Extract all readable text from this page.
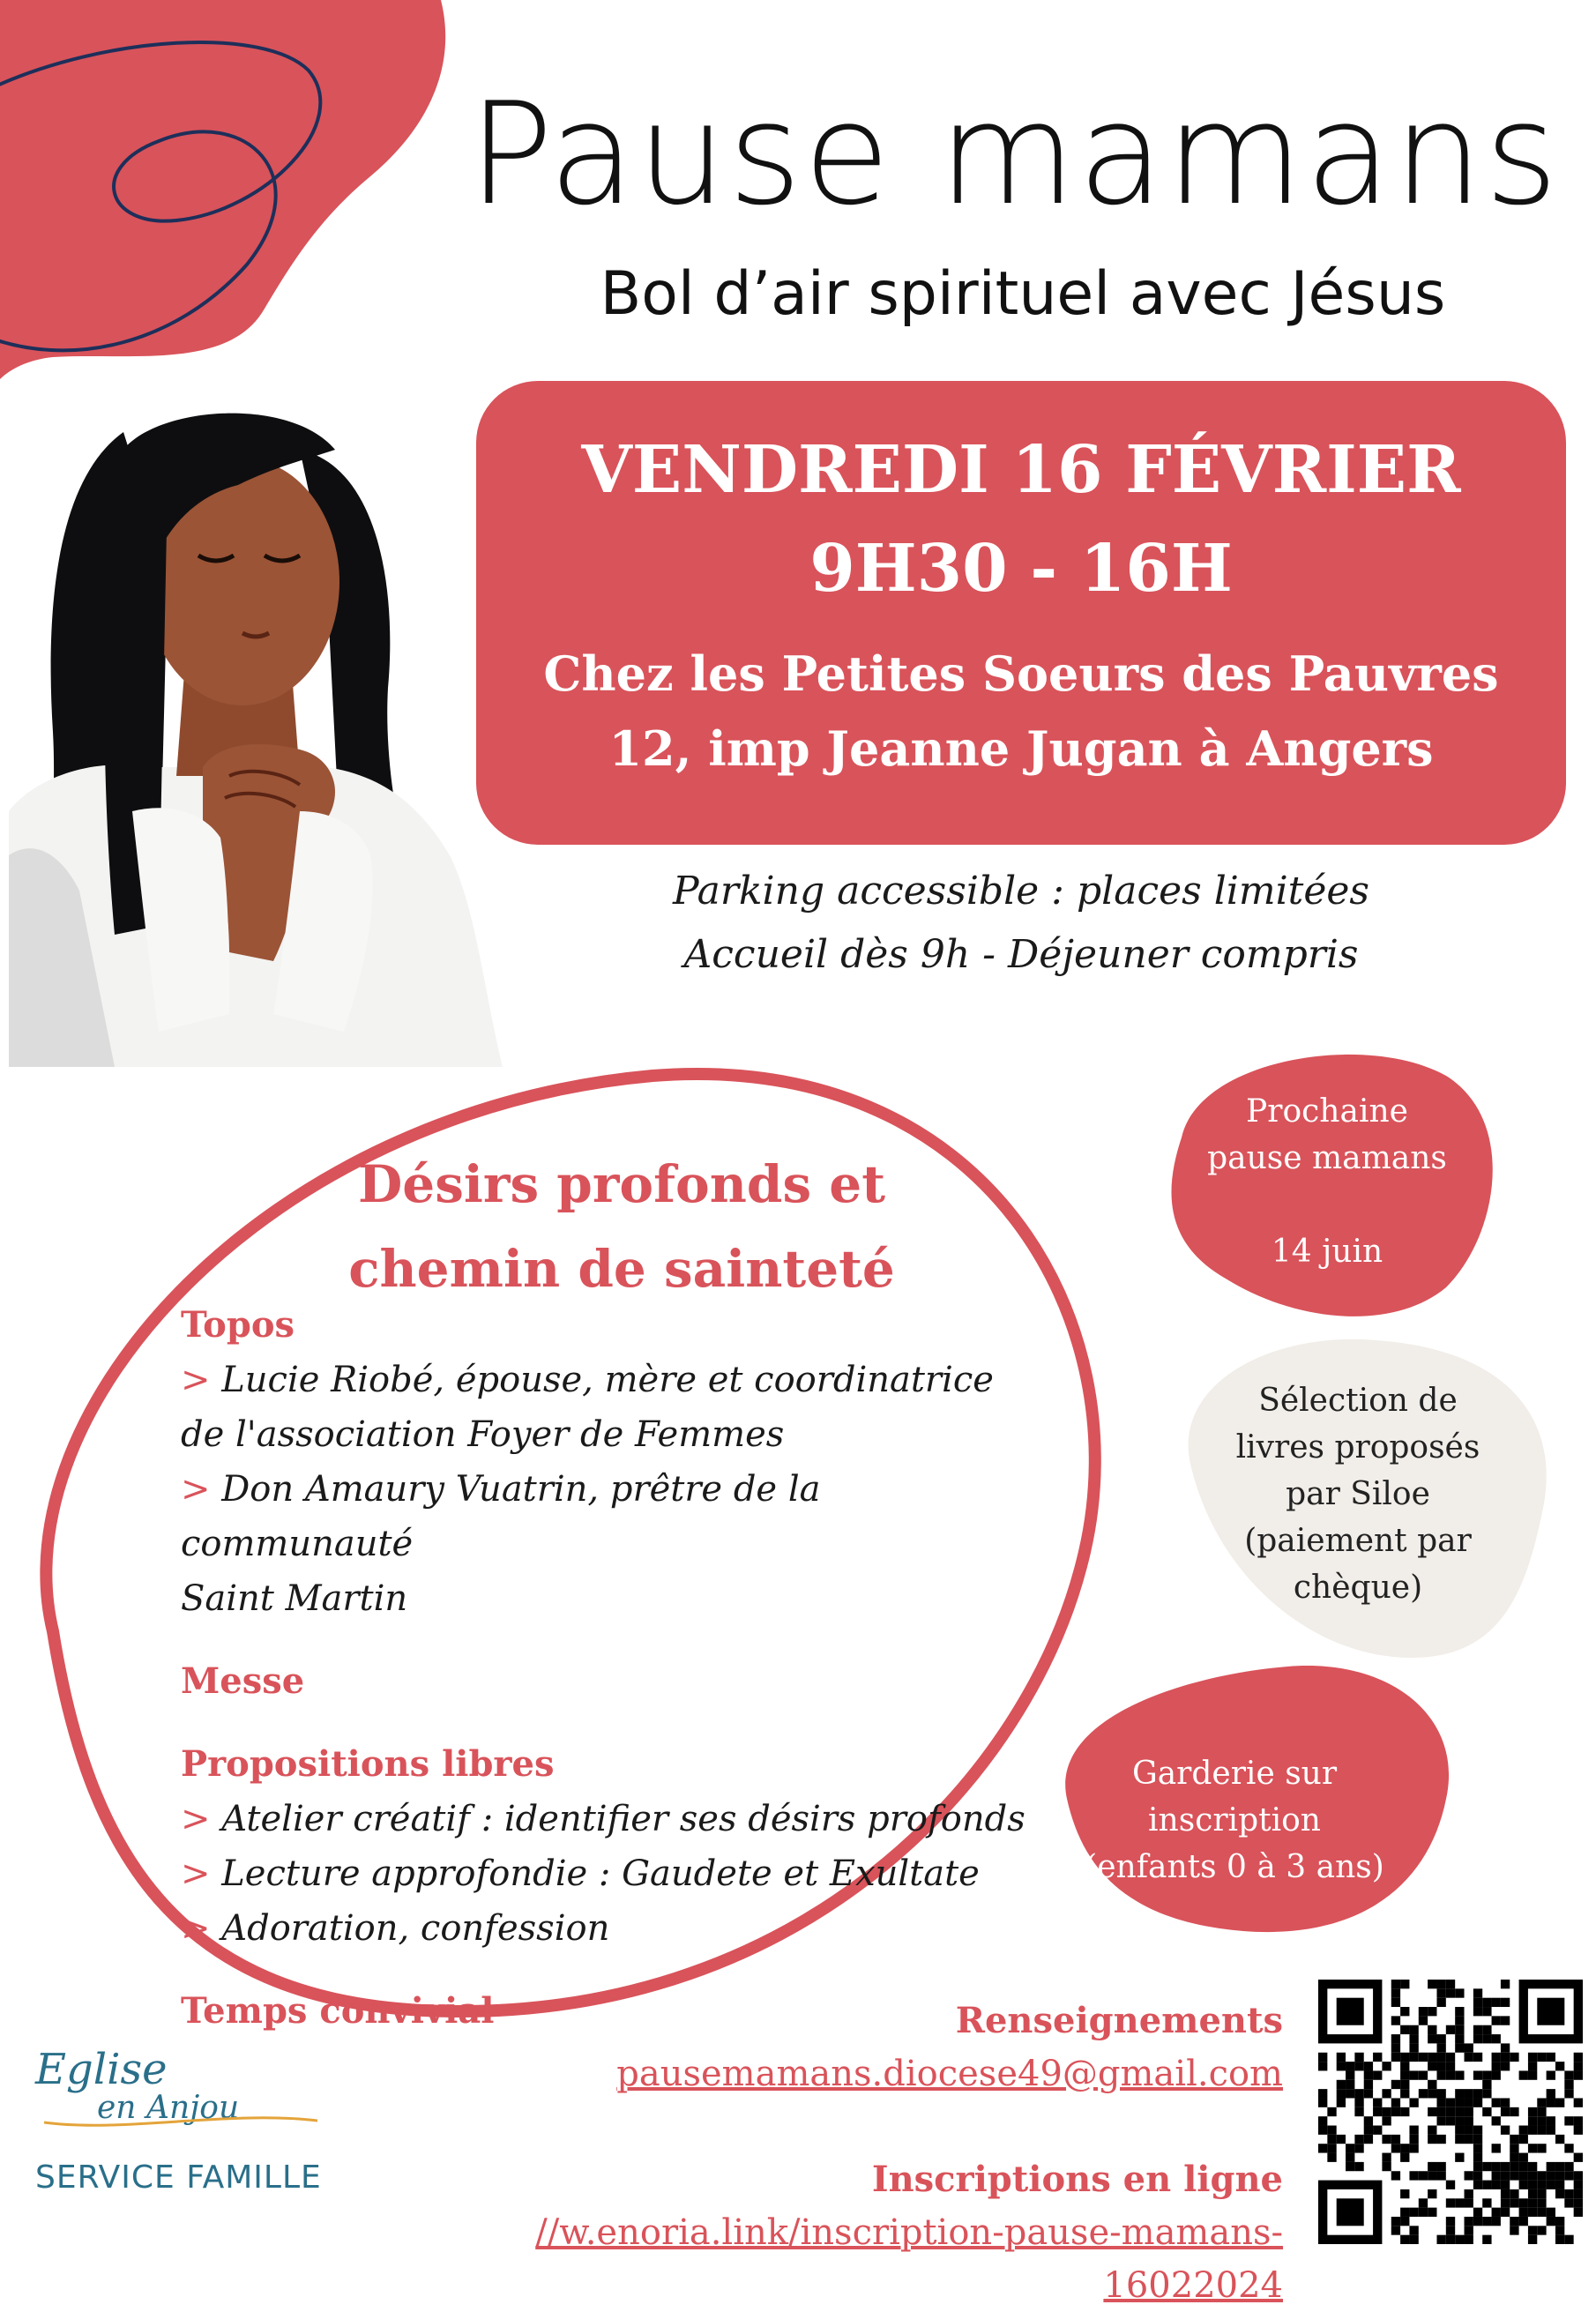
Pause mamans
Bol d’air spirituel avec Jésus
VENDREDI 16 FÉVRIER
9H30 - 16H
Chez les Petites Soeurs des Pauvres
12, imp Jeanne Jugan à Angers
Parking accessible : places limitées
Accueil dès 9h - Déjeuner compris
Désirs profonds et
chemin de sainteté
Topos
> Lucie Riobé, épouse, mère et coordinatrice
de l'association Foyer de Femmes
> Don Amaury Vuatrin, prêtre de la communauté
Saint Martin
Messe
Propositions libres
> Atelier créatif : identifier ses désirs profonds
> Lecture approfondie : Gaudete et Exultate
> Adoration, confession
Temps convivial
Prochaine
pause mamans
14 juin
Sélection de
livres proposés
par Siloe
(paiement par
chèque)
Garderie sur
inscription
(enfants 0 à 3 ans)
Renseignements
pausemamans.diocese49@gmail.com
Inscriptions en ligne
//w.enoria.link/inscription-pause-mamans-16022024
Eglise
en Anjou
SERVICE FAMILLE
